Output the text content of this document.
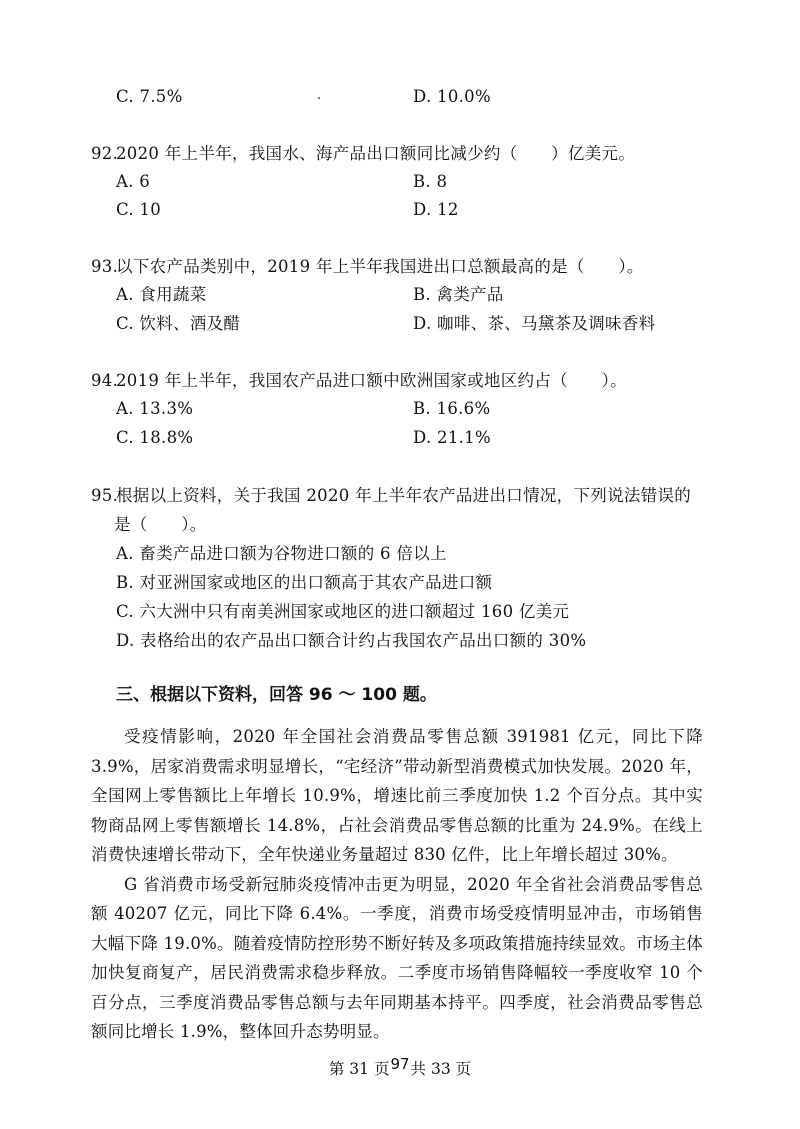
C. 7.5%	D. 10.0%
92.
2020 年上半年，我国水、海产品出口额同比减少约（　　）亿美元。
A. 6	B. 8
C. 10	D. 12
93.
以下农产品类别中，2019 年上半年我国进出口总额最高的是（　　）。
A. 食用蔬菜	B. 禽类产品
C. 饮料、酒及醋	D. 咖啡、茶、马黛茶及调味香料
94.
2019 年上半年，我国农产品进口额中欧洲国家或地区约占（　　）。
A. 13.3%	B. 16.6%
C. 18.8%	D. 21.1%
95.
根据以上资料，关于我国 2020 年上半年农产品进出口情况，下列说法错误的
是（　　）。
A. 畜类产品进口额为谷物进口额的 6 倍以上
B. 对亚洲国家或地区的出口额高于其农产品进口额
C. 六大洲中只有南美洲国家或地区的进口额超过 160 亿美元
D. 表格给出的农产品出口额合计约占我国农产品出口额的 30%
三、根据以下资料，回答 96 ～ 100 题。

受疫情影响，2020 年全国社会消费品零售总额 391981 亿元，同比下降 3.9%，居家消费需求明显增长，“宅经济”带动新型消费模式加快发展。2020 年，全国网上零售额比上年增长 10.9%，增速比前三季度加快 1.2 个百分点。其中实物商品网上零售额增长 14.8%，占社会消费品零售总额的比重为 24.9%。在线上消费快速增长带动下，全年快递业务量超过 830 亿件，比上年增长超过 30%。

G 省消费市场受新冠肺炎疫情冲击更为明显，2020 年全省社会消费品零售总额 40207 亿元，同比下降 6.4%。一季度，消费市场受疫情明显冲击，市场销售大幅下降 19.0%。随着疫情防控形势不断好转及多项政策措施持续显效。市场主体加快复商复产，居民消费需求稳步释放。二季度市场销售降幅较一季度收窄 10 个百分点，三季度消费品零售总额与去年同期基本持平。四季度，社会消费品零售总额同比增长 1.9%，整体回升态势明显。

第 31 页97共 33 页
